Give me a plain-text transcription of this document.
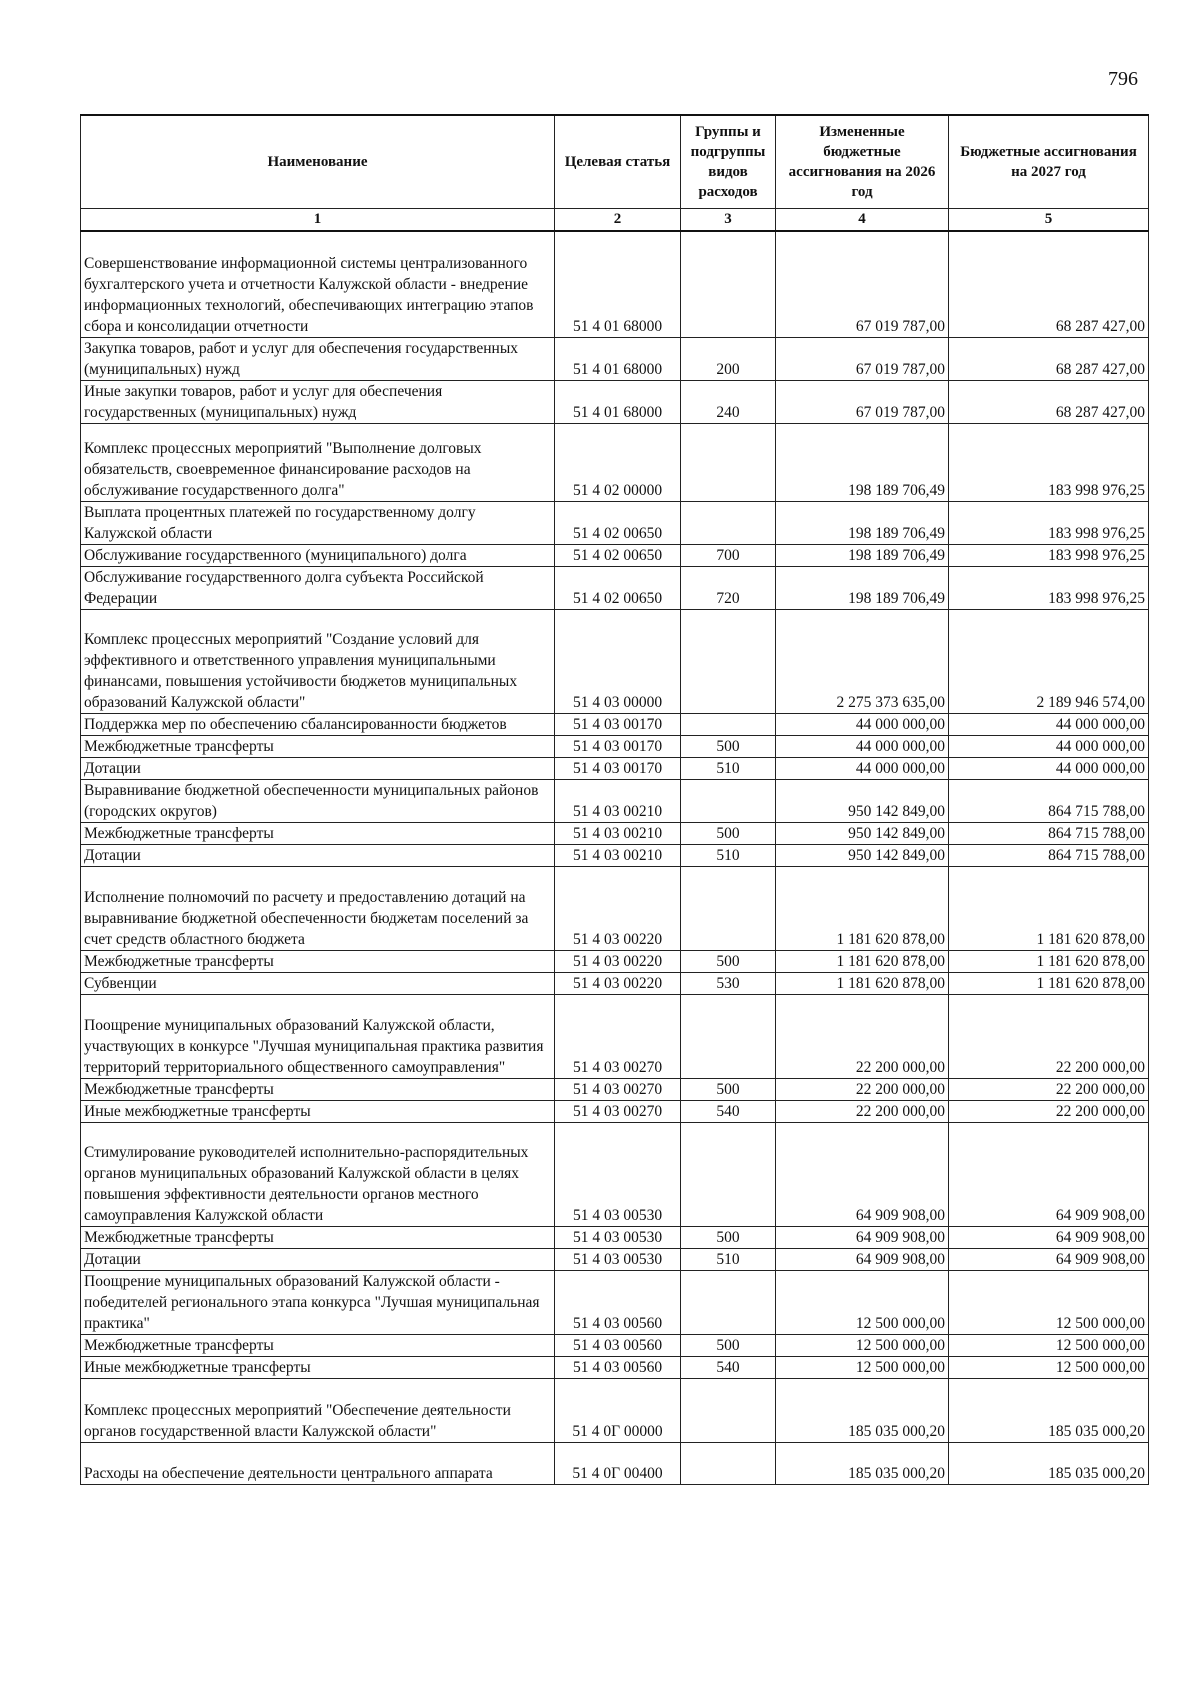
796
Наименование	Целевая статья	Группы и подгруппы видов расходов	Измененные бюджетные ассигнования на 2026 год	Бюджетные ассигнования на 2027 год
1	2	3	4	5
Совершенствование информационной системы централизованного бухгалтерского учета и отчетности Калужской области - внедрение информационных технологий, обеспечивающих интеграцию этапов сбора и консолидации отчетности	51 4 01 68000		67 019 787,00	68 287 427,00
Закупка товаров, работ и услуг для обеспечения государственных (муниципальных) нужд	51 4 01 68000	200	67 019 787,00	68 287 427,00
Иные закупки товаров, работ и услуг для обеспечения государственных (муниципальных) нужд	51 4 01 68000	240	67 019 787,00	68 287 427,00
Комплекс процессных мероприятий "Выполнение долговых обязательств, своевременное финансирование расходов на обслуживание государственного долга"	51 4 02 00000		198 189 706,49	183 998 976,25
Выплата процентных платежей по государственному долгу Калужской области	51 4 02 00650		198 189 706,49	183 998 976,25
Обслуживание государственного (муниципального) долга	51 4 02 00650	700	198 189 706,49	183 998 976,25
Обслуживание государственного долга субъекта Российской Федерации	51 4 02 00650	720	198 189 706,49	183 998 976,25
Комплекс процессных мероприятий "Создание условий для эффективного и ответственного управления муниципальными финансами, повышения устойчивости бюджетов муниципальных образований Калужской области"	51 4 03 00000		2 275 373 635,00	2 189 946 574,00
Поддержка мер по обеспечению сбалансированности бюджетов	51 4 03 00170		44 000 000,00	44 000 000,00
Межбюджетные трансферты	51 4 03 00170	500	44 000 000,00	44 000 000,00
Дотации	51 4 03 00170	510	44 000 000,00	44 000 000,00
Выравнивание бюджетной обеспеченности муниципальных районов (городских округов)	51 4 03 00210		950 142 849,00	864 715 788,00
Межбюджетные трансферты	51 4 03 00210	500	950 142 849,00	864 715 788,00
Дотации	51 4 03 00210	510	950 142 849,00	864 715 788,00
Исполнение полномочий по расчету и предоставлению дотаций на выравнивание бюджетной обеспеченности бюджетам поселений за счет средств областного бюджета	51 4 03 00220		1 181 620 878,00	1 181 620 878,00
Межбюджетные трансферты	51 4 03 00220	500	1 181 620 878,00	1 181 620 878,00
Субвенции	51 4 03 00220	530	1 181 620 878,00	1 181 620 878,00
Поощрение муниципальных образований Калужской области, участвующих в конкурсе "Лучшая муниципальная практика развития территорий территориального общественного самоуправления"	51 4 03 00270		22 200 000,00	22 200 000,00
Межбюджетные трансферты	51 4 03 00270	500	22 200 000,00	22 200 000,00
Иные межбюджетные трансферты	51 4 03 00270	540	22 200 000,00	22 200 000,00
Стимулирование руководителей исполнительно-распорядительных органов муниципальных образований Калужской области в целях повышения эффективности деятельности органов местного самоуправления Калужской области	51 4 03 00530		64 909 908,00	64 909 908,00
Межбюджетные трансферты	51 4 03 00530	500	64 909 908,00	64 909 908,00
Дотации	51 4 03 00530	510	64 909 908,00	64 909 908,00
Поощрение муниципальных образований Калужской области - победителей регионального этапа конкурса "Лучшая муниципальная практика"	51 4 03 00560		12 500 000,00	12 500 000,00
Межбюджетные трансферты	51 4 03 00560	500	12 500 000,00	12 500 000,00
Иные межбюджетные трансферты	51 4 03 00560	540	12 500 000,00	12 500 000,00
Комплекс процессных мероприятий "Обеспечение деятельности органов государственной власти Калужской области"	51 4 0Г 00000		185 035 000,20	185 035 000,20
Расходы на обеспечение деятельности центрального аппарата	51 4 0Г 00400		185 035 000,20	185 035 000,20
